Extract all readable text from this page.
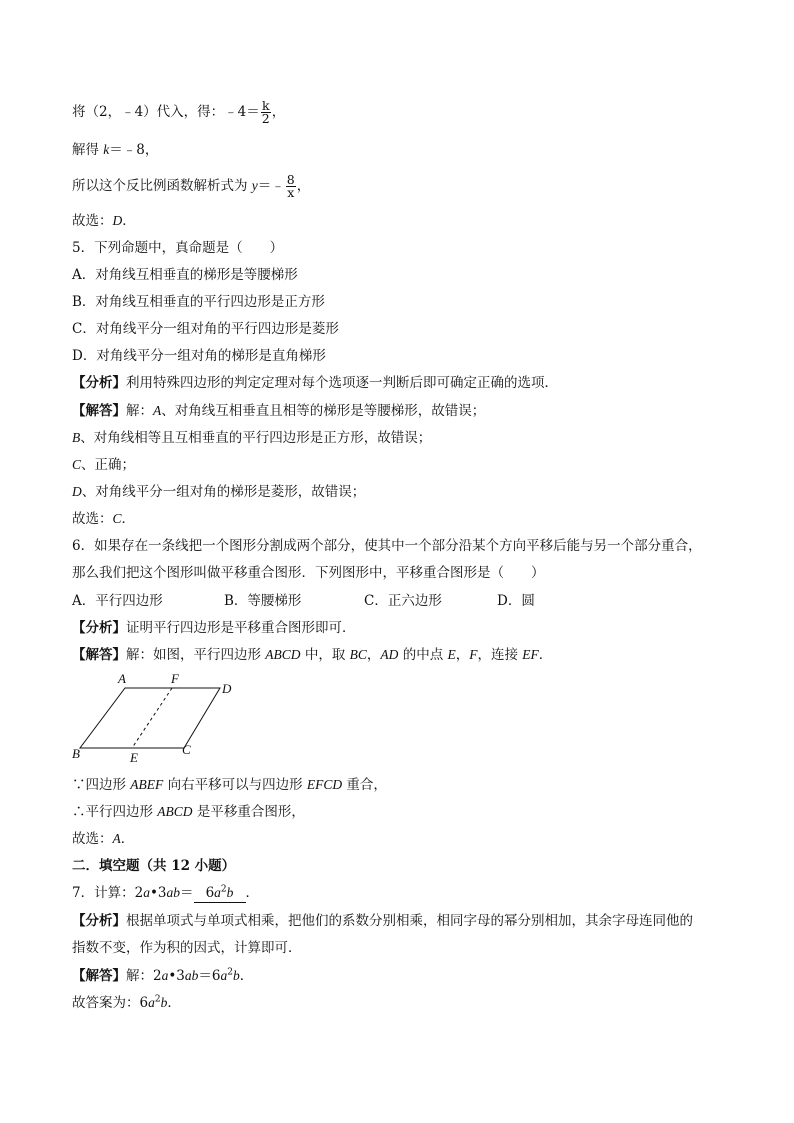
将（2，﹣4）代入，得：﹣4＝ $\frac{k}{2}$ ，
解得 k＝﹣8，
所以这个反比例函数解析式为 y＝﹣ $\frac{8}{x}$ ，
故选：D．
5．下列命题中，真命题是（　　）
A．对角线互相垂直的梯形是等腰梯形
B．对角线互相垂直的平行四边形是正方形
C．对角线平分一组对角的平行四边形是菱形
D．对角线平分一组对角的梯形是直角梯形
【分析】利用特殊四边形的判定定理对每个选项逐一判断后即可确定正确的选项．
【解答】解：A、对角线互相垂直且相等的梯形是等腰梯形，故错误；
B、对角线相等且互相垂直的平行四边形是正方形，故错误；
C、正确；
D、对角线平分一组对角的梯形是菱形，故错误；
故选：C．
6．如果存在一条线把一个图形分割成两个部分，使其中一个部分沿某个方向平移后能与另一个部分重合，
那么我们把这个图形叫做平移重合图形．下列图形中，平移重合图形是（　　）
A．平行四边形	B．等腰梯形	C．正六边形	D．圆
【分析】证明平行四边形是平移重合图形即可．
【解答】解：如图，平行四边形 ABCD 中，取 BC，AD 的中点 E，F，连接 EF．
A	F
D
B	E
C
∵四边形 ABEF 向右平移可以与四边形 EFCD 重合，
∴平行四边形 ABCD 是平移重合图形，
故选：A．
二．填空题（共 12 小题）
7．计算：2a•3ab＝ $6a^2b$ ．
【分析】根据单项式与单项式相乘，把他们的系数分别相乘，相同字母的幂分别相加，其余字母连同他的
指数不变，作为积的因式，计算即可．
【解答】解：$2a•3ab=6a^2b$．
故答案为：$6a^2b$．
